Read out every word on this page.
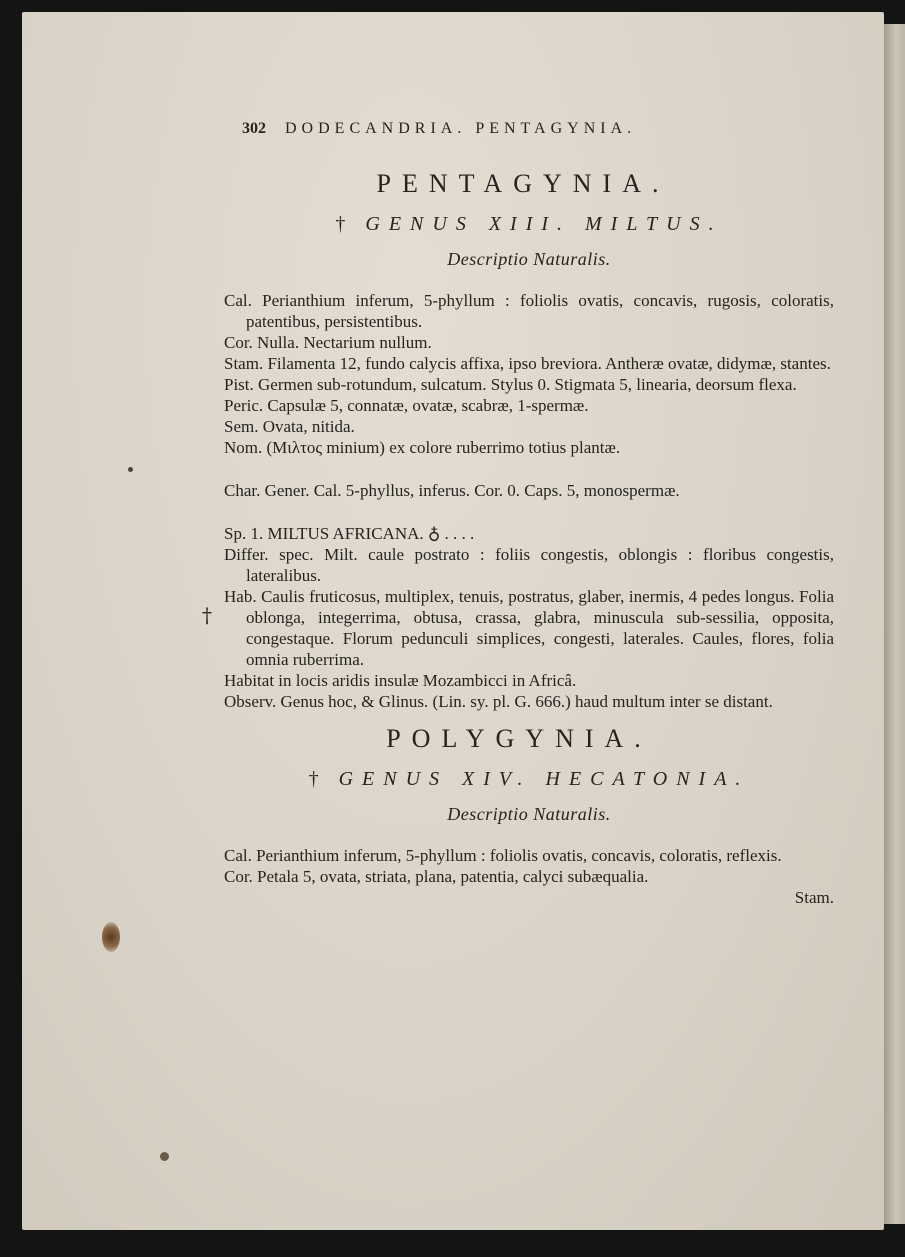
302 DODECANDRIA. PENTAGYNIA.
PENTAGYNIA.
† GENUS XIII. MILTUS.
Descriptio Naturalis.

Cal. Perianthium inferum, 5-phyllum : foliolis ovatis, concavis, rugosis, coloratis, patentibus, persistentibus.

Cor. Nulla. Nectarium nullum.

Stam. Filamenta 12, fundo calycis affixa, ipso breviora. Antheræ ovatæ, didymæ, stantes.

Pist. Germen sub-rotundum, sulcatum. Stylus 0. Stigmata 5, linearia, deorsum flexa.

Peric. Capsulæ 5, connatæ, ovatæ, scabræ, 1-spermæ.

Sem. Ovata, nitida.

Nom. (Μιλτος minium) ex colore ruberrimo totius plantæ.

Char. Gener. Cal. 5-phyllus, inferus. Cor. 0. Caps. 5, monospermæ.

Sp. 1. MILTUS AFRICANA. ♁ . . . .

Differ. spec. Milt. caule postrato : foliis congestis, oblongis : floribus congestis, lateralibus.

Hab. Caulis fruticosus, multiplex, tenuis, postratus, glaber, inermis, 4 pedes longus. Folia oblonga, integerrima, obtusa, crassa, glabra, minuscula sub-sessilia, opposita, congestaque. Florum pedunculi simplices, congesti, laterales. Caules, flores, folia omnia ruberrima.

Habitat in locis aridis insulæ Mozambicci in Africâ.

Observ. Genus hoc, & Glinus. (Lin. sy. pl. G. 666.) haud multum inter se distant.

POLYGYNIA.
† GENUS XIV. HECATONIA.
Descriptio Naturalis.

Cal. Perianthium inferum, 5-phyllum : foliolis ovatis, concavis, coloratis, reflexis.

Cor. Petala 5, ovata, striata, plana, patentia, calyci subæqualia.

Stam.

†
